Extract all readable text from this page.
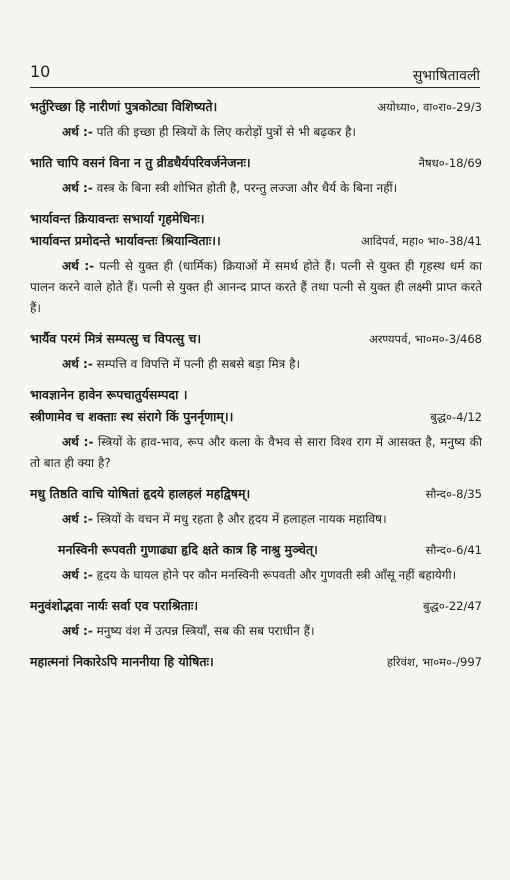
10	सुभाषितावली
भर्तुरिच्छा हि नारीणां पुत्रकोट्या विशिष्यते।	अयोध्या०, वा०रा०-29/3
अर्थ :- पति की इच्छा ही स्त्रियों के लिए करोड़ों पुत्रों से भी बढ़कर है।
भाति चापि वसनं विना न तु व्रीडधैर्यपरिवर्जनेजनः।	नैषध०-18/69
अर्थ :- वस्त्र के बिना स्त्री शोभित होती है, परन्तु लज्जा और धैर्य के बिना नहीं।
भार्यावन्त क्रियावन्तः सभार्या गृहमेधिनः।
भार्यावन्त प्रमोदन्ते भार्यावन्तः श्रियान्विताः।।	आदिपर्व, महा० भा०-38/41
अर्थ :- पत्नी से युक्त ही (धार्मिक) क्रियाओं में समर्थ होते हैं। पत्नी से युक्त ही गृहस्थ धर्म का पालन करने वाले होते हैं। पत्नी से युक्त ही आनन्द प्राप्त करते हैं तथा पत्नी से युक्त ही लक्ष्मी प्राप्त करते हैं।
भार्यैव परमं मित्रं सम्पत्सु च विपत्सु च।	अरण्यपर्व, भा०म०-3/468
अर्थ :- सम्पत्ति व विपत्ति में पत्नी ही सबसे बड़ा मित्र है।
भावज्ञानेन हावेन रूपचातुर्यसम्पदा ।
स्त्रीणामेव च शक्ताः स्थ संरागे किं पुनर्नृणाम्।।	बुद्ध०-4/12
अर्थ :- स्त्रियों के हाव-भाव, रूप और कला के वैभव से सारा विश्व राग में आसक्त है, मनुष्य की तो बात ही क्या है?
मधु तिष्ठति वाचि योषितां हृदये हालहलं महद्विषम्।	सौन्द०-8/35
अर्थ :- स्त्रियों के वचन में मधु रहता है और हृदय में हलाहल नायक महाविष।
मनस्विनी रूपवती गुणाढ्या हृदि क्षते कात्र हि नाश्रु मुञ्चेत्।	सौन्द०-6/41
अर्थ :- हृदय के घायल होने पर कौन मनस्विनी रूपवती और गुणवती स्त्री आँसू नहीं बहायेगी।
मनुवंशोद्भवा नार्यः सर्वा एव पराश्रिताः।	बुद्ध०-22/47
अर्थ :- मनुष्य वंश में उत्पन्न स्त्रियाँ, सब की सब पराधीन हैं।
महात्मनां निकारेऽपि माननीया हि योषितः।	हरिवंश, भा०म०-/997
